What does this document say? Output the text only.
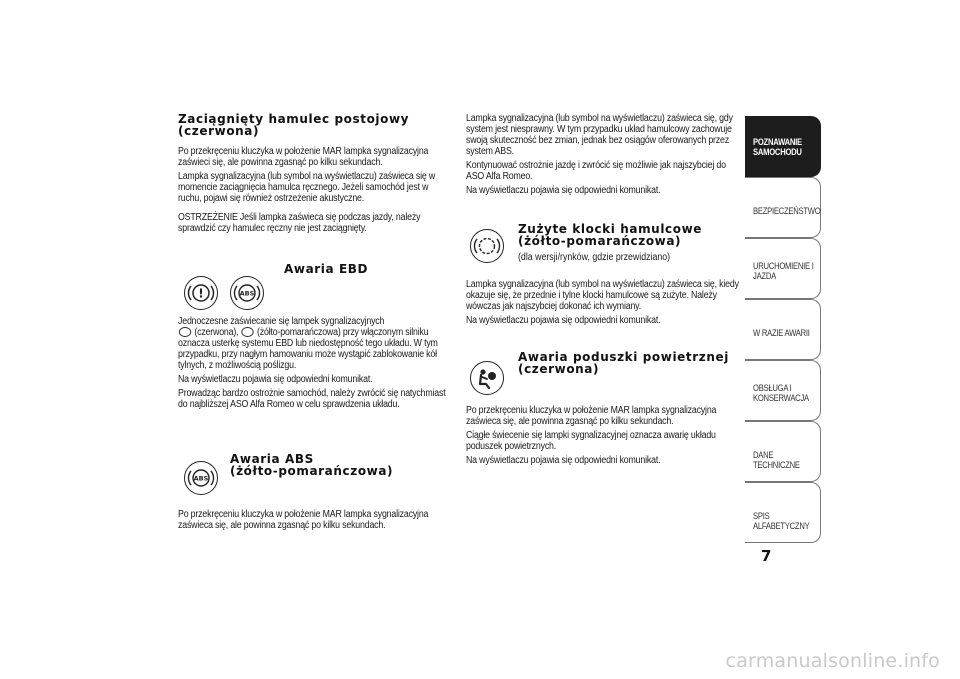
Zaciągnięty hamulec postojowy
(czerwona)

Po przekręceniu kluczyka w położenie MAR lampka sygnalizacyjna zaświeci się, ale powinna zgasnąć po kilku sekundach.

Lampka sygnalizacyjna (lub symbol na wyświetlaczu) zaświeca się w momencie zaciągnięcia hamulca ręcznego. Jeżeli samochód jest w ruchu, pojawi się również ostrzeżenie akustyczne.

OSTRZEŻENIE Jeśli lampka zaświeca się podczas jazdy, należy sprawdzić czy hamulec ręczny nie jest zaciągnięty.

Awaria EBD

!	ABS

Jednoczesne zaświecanie się lampek sygnalizacyjnych
(czerwona), (żółto-pomarańczowa) przy włączonym silniku oznacza usterkę systemu EBD lub niedostępność tego układu. W tym przypadku, przy nagłym hamowaniu może wystąpić zablokowanie kół tylnych, z możliwością poślizgu.

Na wyświetlaczu pojawia się odpowiedni komunikat.

Prowadząc bardzo ostrożnie samochód, należy zwrócić się natychmiast do najbliższej ASO Alfa Romeo w celu sprawdzenia układu.

Awaria ABS
(żółto-pomarańczowa)

ABS

Po przekręceniu kluczyka w położenie MAR lampka sygnalizacyjna zaświeca się, ale powinna zgasnąć po kilku sekundach.

Lampka sygnalizacyjna (lub symbol na wyświetlaczu) zaświeca się, gdy system jest niesprawny. W tym przypadku układ hamulcowy zachowuje swoją skuteczność bez zmian, jednak bez osiągów oferowanych przez system ABS.

Kontynuować ostrożnie jazdę i zwrócić się możliwie jak najszybciej do ASO Alfa Romeo.

Na wyświetlaczu pojawia się odpowiedni komunikat.

Zużyte klocki hamulcowe
(żółto-pomarańczowa)

(dla wersji/rynków, gdzie przewidziano)

Lampka sygnalizacyjna (lub symbol na wyświetlaczu) zaświeca się, kiedy okazuje się, że przednie i tylne klocki hamulcowe są zużyte. Należy wówczas jak najszybciej dokonać ich wymiany.

Na wyświetlaczu pojawia się odpowiedni komunikat.

Awaria poduszki powietrznej
(czerwona)

Po przekręceniu kluczyka w położenie MAR lampka sygnalizacyjna zaświeca się, ale powinna zgasnąć po kilku sekundach.

Ciągłe świecenie się lampki sygnalizacyjnej oznacza awarię układu poduszek powietrznych.

Na wyświetlaczu pojawia się odpowiedni komunikat.

POZNAWANIE
SAMOCHODU
BEZPIECZEŃSTWO
URUCHOMIENIE I
JAZDA
W RAZIE AWARII
OBSŁUGA I
KONSERWACJA
DANE TECHNICZNE
SPIS ALFABETYCZNY
7
carmanualsonline.info
